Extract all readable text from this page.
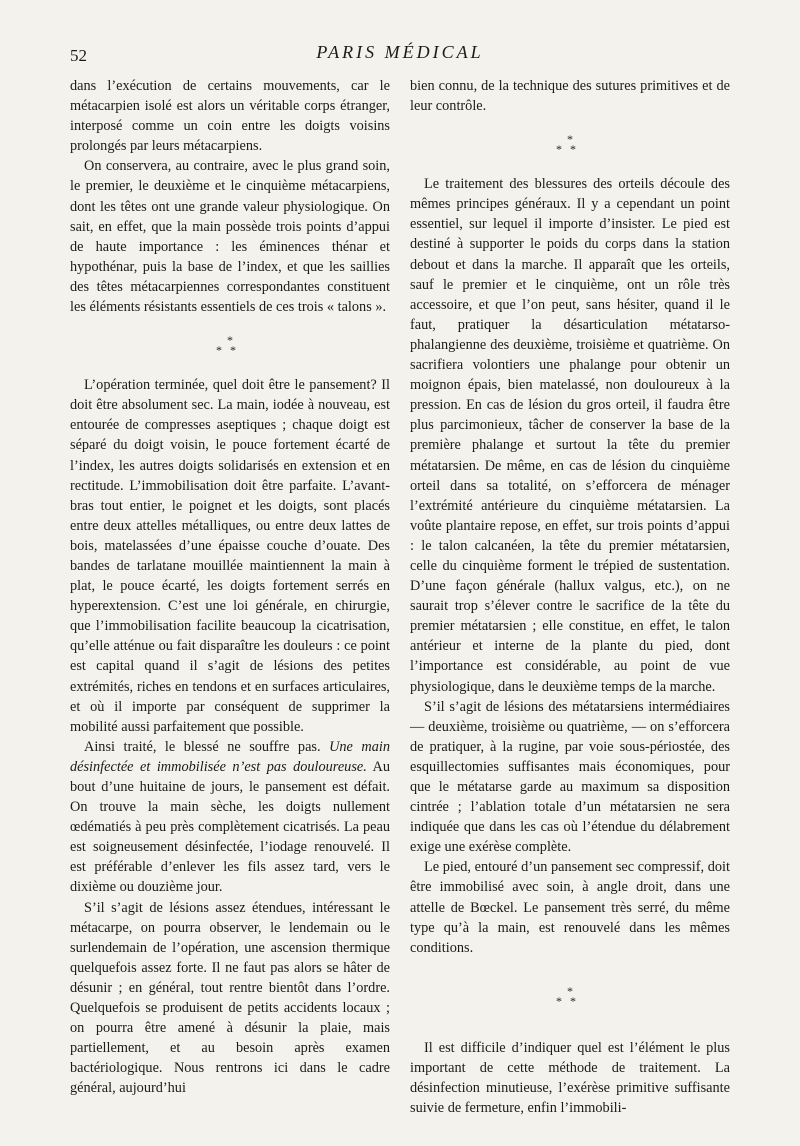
52	PARIS MÉDICAL

dans l’exécution de certains mouvements, car le métacarpien isolé est alors un véritable corps étranger, interposé comme un coin entre les doigts voisins prolongés par leurs métacarpiens.

On conservera, au contraire, avec le plus grand soin, le premier, le deuxième et le cinquième métacarpiens, dont les têtes ont une grande valeur physiologique. On sait, en effet, que la main possède trois points d’appui de haute importance : les éminences thénar et hypothénar, puis la base de l’index, et que les saillies des têtes métacarpiennes correspondantes constituent les éléments résistants essentiels de ces trois « talons ».

*
**

L’opération terminée, quel doit être le pansement? Il doit être absolument sec. La main, iodée à nouveau, est entourée de compresses aseptiques ; chaque doigt est séparé du doigt voisin, le pouce fortement écarté de l’index, les autres doigts solidarisés en extension et en rectitude. L’immobilisation doit être parfaite. L’avant-bras tout entier, le poignet et les doigts, sont placés entre deux attelles métalliques, ou entre deux lattes de bois, matelassées d’une épaisse couche d’ouate. Des bandes de tarlatane mouillée maintiennent la main à plat, le pouce écarté, les doigts fortement serrés en hyperextension. C’est une loi générale, en chirurgie, que l’immobilisation facilite beaucoup la cicatrisation, qu’elle atténue ou fait disparaître les douleurs : ce point est capital quand il s’agit de lésions des petites extrémités, riches en tendons et en surfaces articulaires, et où il importe par conséquent de supprimer la mobilité aussi parfaitement que possible.

Ainsi traité, le blessé ne souffre pas. Une main désinfectée et immobilisée n’est pas douloureuse. Au bout d’une huitaine de jours, le pansement est défait. On trouve la main sèche, les doigts nullement œdématiés à peu près complètement cicatrisés. La peau est soigneusement désinfectée, l’iodage renouvelé. Il est préférable d’enlever les fils assez tard, vers le dixième ou douzième jour.

S’il s’agit de lésions assez étendues, intéressant le métacarpe, on pourra observer, le lendemain ou le surlendemain de l’opération, une ascension thermique quelquefois assez forte. Il ne faut pas alors se hâter de désunir ; en général, tout rentre bientôt dans l’ordre. Quelquefois se produisent de petits accidents locaux ; on pourra être amené à désunir la plaie, mais partiellement, et au besoin après examen bactériologique. Nous rentrons ici dans le cadre général, aujourd’hui

bien connu, de la technique des sutures primitives et de leur contrôle.

*
**

Le traitement des blessures des orteils découle des mêmes principes généraux. Il y a cependant un point essentiel, sur lequel il importe d’insister. Le pied est destiné à supporter le poids du corps dans la station debout et dans la marche. Il apparaît que les orteils, sauf le premier et le cinquième, ont un rôle très accessoire, et que l’on peut, sans hésiter, quand il le faut, pratiquer la désarticulation métatarso-phalangienne des deuxième, troisième et quatrième. On sacrifiera volontiers une phalange pour obtenir un moignon épais, bien matelassé, non douloureux à la pression. En cas de lésion du gros orteil, il faudra être plus parcimonieux, tâcher de conserver la base de la première phalange et surtout la tête du premier métatarsien. De même, en cas de lésion du cinquième orteil dans sa totalité, on s’efforcera de ménager l’extrémité antérieure du cinquième métatarsien. La voûte plantaire repose, en effet, sur trois points d’appui : le talon calcanéen, la tête du premier métatarsien, celle du cinquième forment le trépied de sustentation. D’une façon générale (hallux valgus, etc.), on ne saurait trop s’élever contre le sacrifice de la tête du premier métatarsien ; elle constitue, en effet, le talon antérieur et interne de la plante du pied, dont l’importance est considérable, au point de vue physiologique, dans le deuxième temps de la marche.

S’il s’agit de lésions des métatarsiens intermédiaires — deuxième, troisième ou quatrième, — on s’efforcera de pratiquer, à la rugine, par voie sous-périostée, des esquillectomies suffisantes mais économiques, pour que le métatarse garde au maximum sa disposition cintrée ; l’ablation totale d’un métatarsien ne sera indiquée que dans les cas où l’étendue du délabrement exige une exérèse complète.

Le pied, entouré d’un pansement sec compressif, doit être immobilisé avec soin, à angle droit, dans une attelle de Bœckel. Le pansement très serré, du même type qu’à la main, est renouvelé dans les mêmes conditions.

*
**

Il est difficile d’indiquer quel est l’élément le plus important de cette méthode de traitement. La désinfection minutieuse, l’exérèse primitive suffisante suivie de fermeture, enfin l’immobili-
